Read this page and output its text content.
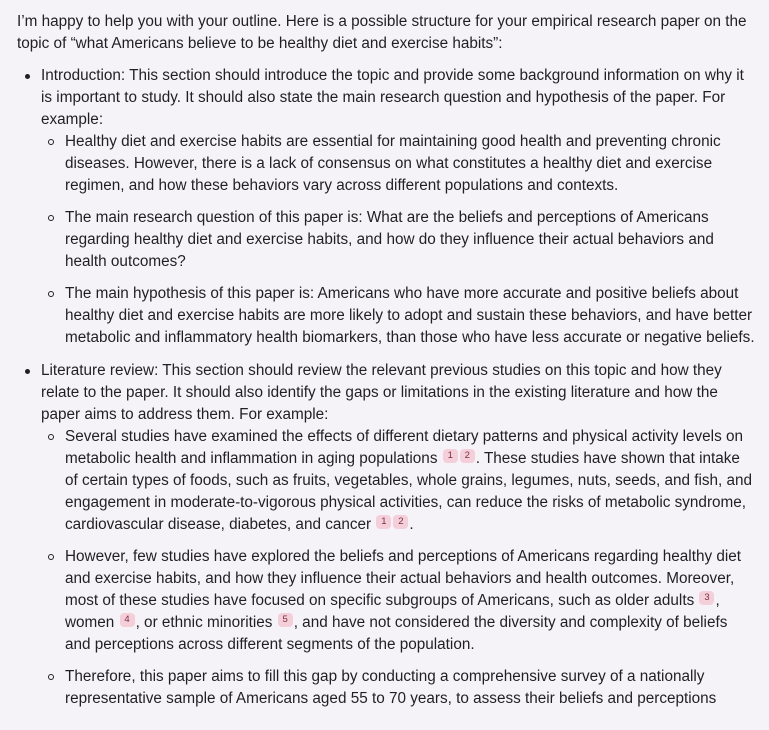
I’m happy to help you with your outline. Here is a possible structure for your empirical research paper on the topic of “what Americans believe to be healthy diet and exercise habits”:

Introduction: This section should introduce the topic and provide some background information on why it is important to study. It should also state the main research question and hypothesis of the paper. For example:
Healthy diet and exercise habits are essential for maintaining good health and preventing chronic diseases. However, there is a lack of consensus on what constitutes a healthy diet and exercise regimen, and how these behaviors vary across different populations and contexts.
The main research question of this paper is: What are the beliefs and perceptions of Americans regarding healthy diet and exercise habits, and how do they influence their actual behaviors and health outcomes?
The main hypothesis of this paper is: Americans who have more accurate and positive beliefs about healthy diet and exercise habits are more likely to adopt and sustain these behaviors, and have better metabolic and inflammatory health biomarkers, than those who have less accurate or negative beliefs.
Literature review: This section should review the relevant previous studies on this topic and how they relate to the paper. It should also identify the gaps or limitations in the existing literature and how the paper aims to address them. For example:
Several studies have examined the effects of different dietary patterns and physical activity levels on metabolic health and inflammation in aging populations 1 2 . These studies have shown that intake of certain types of foods, such as fruits, vegetables, whole grains, legumes, nuts, seeds, and fish, and engagement in moderate-to-vigorous physical activities, can reduce the risks of metabolic syndrome, cardiovascular disease, diabetes, and cancer 1 2 .
However, few studies have explored the beliefs and perceptions of Americans regarding healthy diet and exercise habits, and how they influence their actual behaviors and health outcomes. Moreover, most of these studies have focused on specific subgroups of Americans, such as older adults 3 , women 4 , or ethnic minorities 5 , and have not considered the diversity and complexity of beliefs and perceptions across different segments of the population.
Therefore, this paper aims to fill this gap by conducting a comprehensive survey of a nationally representative sample of Americans aged 55 to 70 years, to assess their beliefs and perceptions
